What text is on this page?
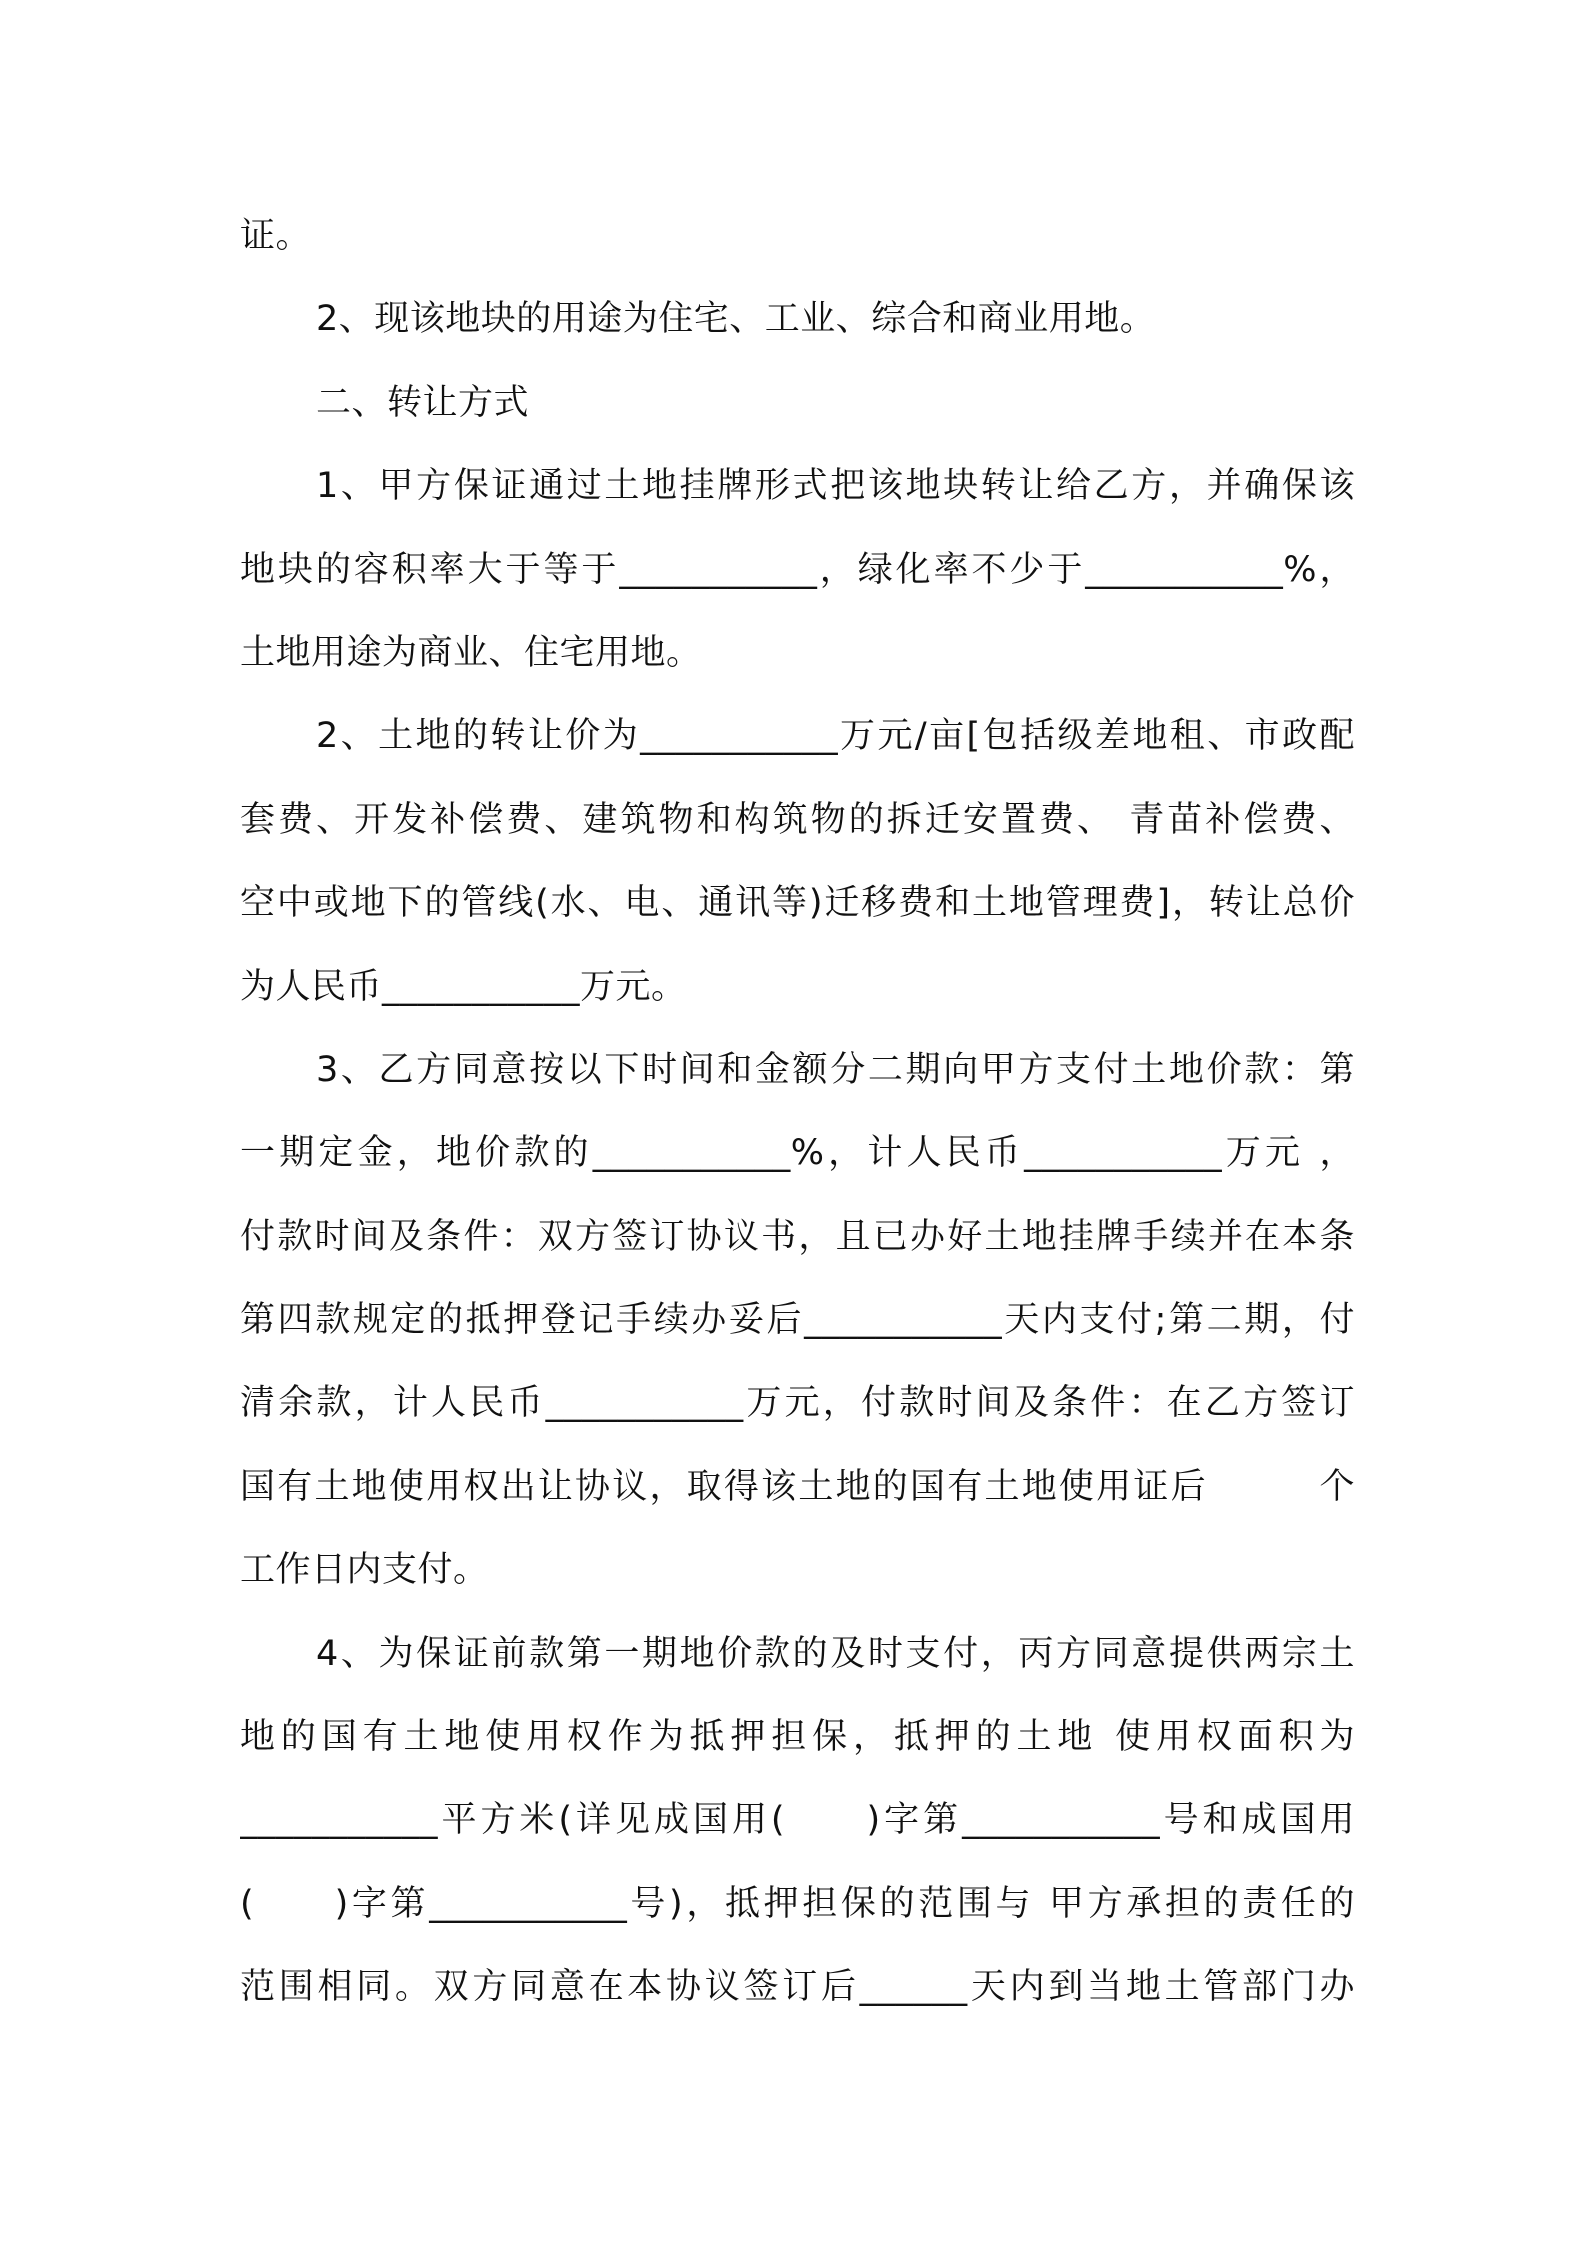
证。
2、现该地块的用途为住宅、工业、综合和商业用地。
二、转让方式
1、甲方保证通过土地挂牌形式把该地块转让给乙方，并确保该
地块的容积率大于等于___________，绿化率不少于___________%，
土地用途为商业、住宅用地。
2、土地的转让价为___________万元/亩[包括级差地租、市政配
套费、开发补偿费、建筑物和构筑物的拆迁安置费、 青苗补偿费、
空中或地下的管线(水、电、通讯等)迁移费和土地管理费]，转让总价
为人民币___________万元。
3、乙方同意按以下时间和金额分二期向甲方支付土地价款：第
一期定金，地价款的___________%，计人民币___________万元 ，
付款时间及条件：双方签订协议书，且已办好土地挂牌手续并在本条
第四款规定的抵押登记手续办妥后___________天内支付;第二期，付
清余款，计人民币___________万元，付款时间及条件：在乙方签订
国有土地使用权出让协议，取得该土地的国有土地使用证后　　　个
工作日内支付。
4、为保证前款第一期地价款的及时支付，丙方同意提供两宗土
地的国有土地使用权作为抵押担保，抵押的土地 使用权面积为
___________平方米(详见成国用(　　)字第___________号和成国用
(　　)字第___________号)，抵押担保的范围与 甲方承担的责任的
范围相同。双方同意在本协议签订后______天内到当地土管部门办
